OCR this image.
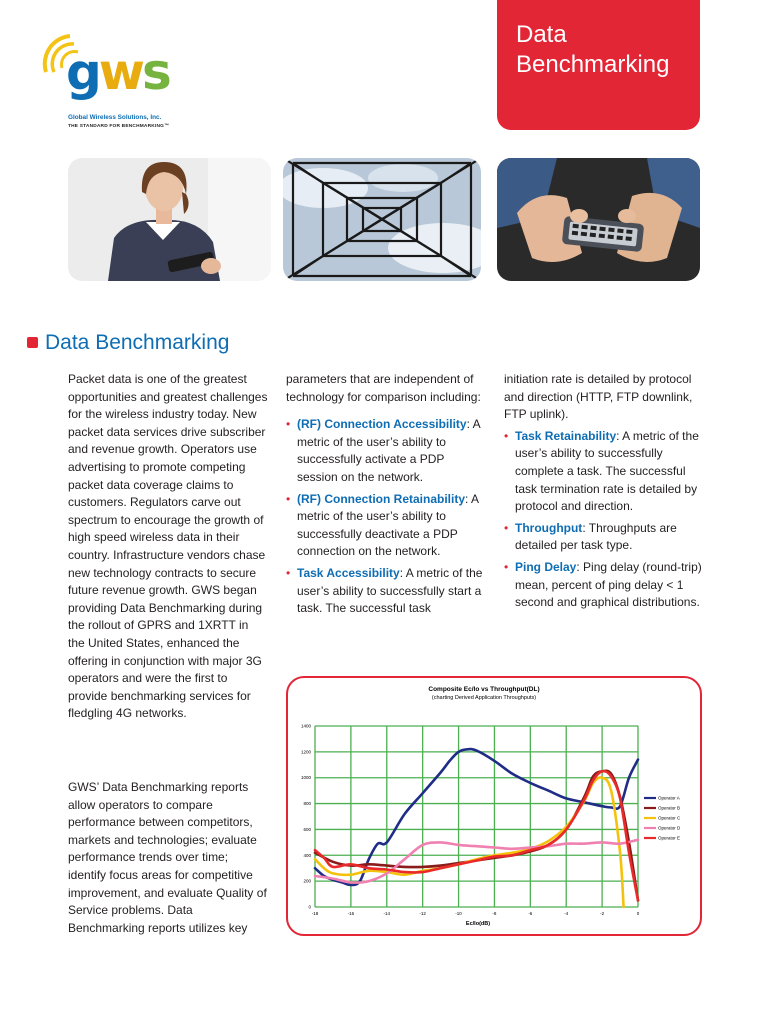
gws
Global Wireless Solutions, Inc.
THE STANDARD FOR BENCHMARKING™
Data
Benchmarking
Data Benchmarking

Packet data is one of the greatest opportunities and greatest challenges for the wireless industry today. New packet data services drive subscriber and revenue growth. Operators use advertising to promote competing packet data coverage claims to customers. Regulators carve out spectrum to encourage the growth of high speed wireless data in their country. Infrastructure vendors chase new technology contracts to secure future revenue growth. GWS began providing Data Benchmarking during the rollout of GPRS and 1XRTT in the United States, enhanced the offering in conjunction with major 3G operators and were the first to provide benchmarking services for fledgling 4G networks.

GWS’ Data Benchmarking reports allow operators to compare performance between competitors, markets and technologies; evaluate performance trends over time; identify focus areas for competitive improvement, and evaluate Quality of Service problems. Data Benchmarking reports utilizes key

parameters that are independent of technology for comparison including:

• (RF) Connection Accessibility: A metric of the user’s ability to successfully activate a PDP session on the network.
• (RF) Connection Retainability: A metric of the user’s ability to successfully deactivate a PDP connection on the network.
• Task Accessibility: A metric of the user’s ability to successfully start a task. The successful task

initiation rate is detailed by protocol and direction (HTTP, FTP downlink, FTP uplink).

• Task Retainability: A metric of the user’s ability to successfully complete a task. The successful task termination rate is detailed by protocol and direction.
• Throughput: Throughputs are detailed per task type.
• Ping Delay: Ping delay (round-trip) mean, percent of ping delay < 1 second and graphical distributions.
Composite Ec/Io vs Throughput(DL)
(charting Derived Application Throughputs)
Ec/Io(dB)
-18	-16	-14	-12	-10	-8	-6	-4	-2	0
0
200
400
600
800
1000
1200
1400
Operator A
Operator B
Operator C
Operator D
Operator E
